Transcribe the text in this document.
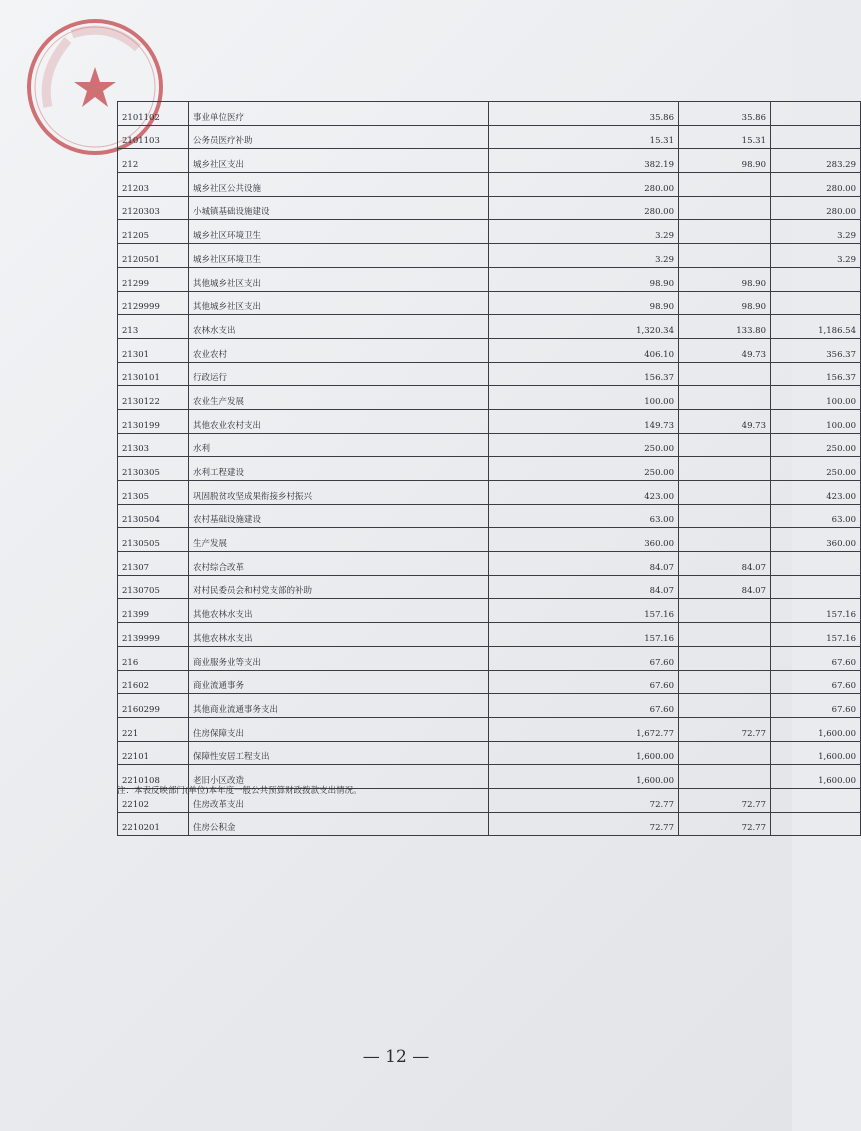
2101102	事业单位医疗	35.86	35.86	
2101103	公务员医疗补助	15.31	15.31	
212	城乡社区支出	382.19	98.90	283.29
21203	城乡社区公共设施	280.00		280.00
2120303	小城镇基础设施建设	280.00		280.00
21205	城乡社区环境卫生	3.29		3.29
2120501	城乡社区环境卫生	3.29		3.29
21299	其他城乡社区支出	98.90	98.90	
2129999	其他城乡社区支出	98.90	98.90	
213	农林水支出	1,320.34	133.80	1,186.54
21301	农业农村	406.10	49.73	356.37
2130101	行政运行	156.37		156.37
2130122	农业生产发展	100.00		100.00
2130199	其他农业农村支出	149.73	49.73	100.00
21303	水利	250.00		250.00
2130305	水利工程建设	250.00		250.00
21305	巩固脱贫攻坚成果衔接乡村振兴	423.00		423.00
2130504	农村基础设施建设	63.00		63.00
2130505	生产发展	360.00		360.00
21307	农村综合改革	84.07	84.07	
2130705	对村民委员会和村党支部的补助	84.07	84.07	
21399	其他农林水支出	157.16		157.16
2139999	其他农林水支出	157.16		157.16
216	商业服务业等支出	67.60		67.60
21602	商业流通事务	67.60		67.60
2160299	其他商业流通事务支出	67.60		67.60
221	住房保障支出	1,672.77	72.77	1,600.00
22101	保障性安居工程支出	1,600.00		1,600.00
2210108	老旧小区改造	1,600.00		1,600.00
22102	住房改革支出	72.77	72.77	
2210201	住房公积金	72.77	72.77	
注：本表反映部门(单位)本年度一般公共预算财政拨款支出情况。
— 12 —
